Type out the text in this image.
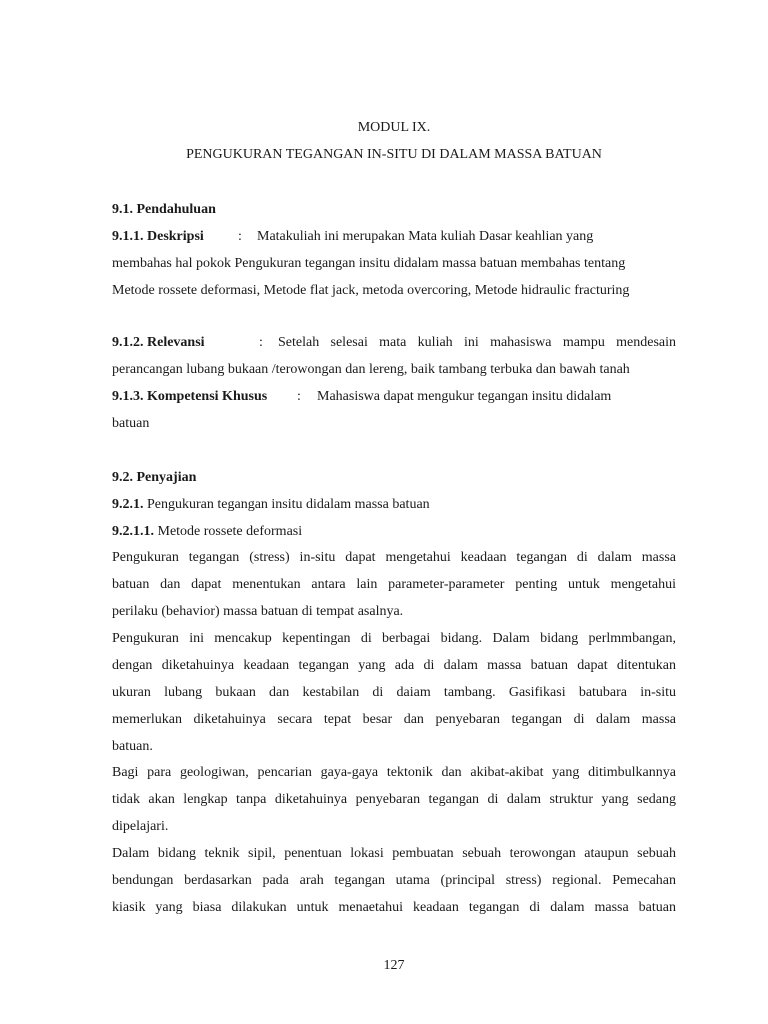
MODUL IX.
PENGUKURAN TEGANGAN IN-SITU DI DALAM MASSA BATUAN
9.1. Pendahuluan
9.1.1. Deskripsi : Matakuliah ini merupakan Mata kuliah Dasar keahlian yang
membahas hal pokok Pengukuran tegangan insitu didalam massa batuan membahas tentang
Metode rossete deformasi, Metode flat jack, metoda overcoring, Metode hidraulic fracturing
9.1.2. Relevansi	: Setelah selesai mata kuliah ini mahasiswa mampu mendesain
perancangan lubang bukaan /terowongan dan lereng, baik tambang terbuka dan bawah tanah
9.1.3. Kompetensi Khusus : Mahasiswa dapat mengukur tegangan insitu didalam
batuan
9.2. Penyajian
9.2.1. Pengukuran tegangan insitu didalam massa batuan
9.2.1.1. Metode rossete deformasi
Pengukuran tegangan (stress) in-situ dapat mengetahui keadaan tegangan di dalam massa
batuan dan dapat menentukan antara lain parameter-parameter penting untuk mengetahui
perilaku (behavior) massa batuan di tempat asalnya.
Pengukuran ini mencakup kepentingan di berbagai bidang. Dalam bidang perlmmbangan,
dengan diketahuinya keadaan tegangan yang ada di dalam massa batuan dapat ditentukan
ukuran lubang bukaan dan kestabilan di daiam tambang. Gasifikasi batubara in-situ
memerlukan diketahuinya secara tepat besar dan penyebaran tegangan di dalam massa
batuan.
Bagi para geologiwan, pencarian gaya-gaya tektonik dan akibat-akibat yang ditimbulkannya
tidak akan lengkap tanpa diketahuinya penyebaran tegangan di dalam struktur yang sedang
dipelajari.
Dalam bidang teknik sipil, penentuan lokasi pembuatan sebuah terowongan ataupun sebuah
bendungan berdasarkan pada arah tegangan utama (principal stress) regional. Pemecahan
kiasik yang biasa dilakukan untuk menaetahui keadaan tegangan di dalam massa batuan
127
